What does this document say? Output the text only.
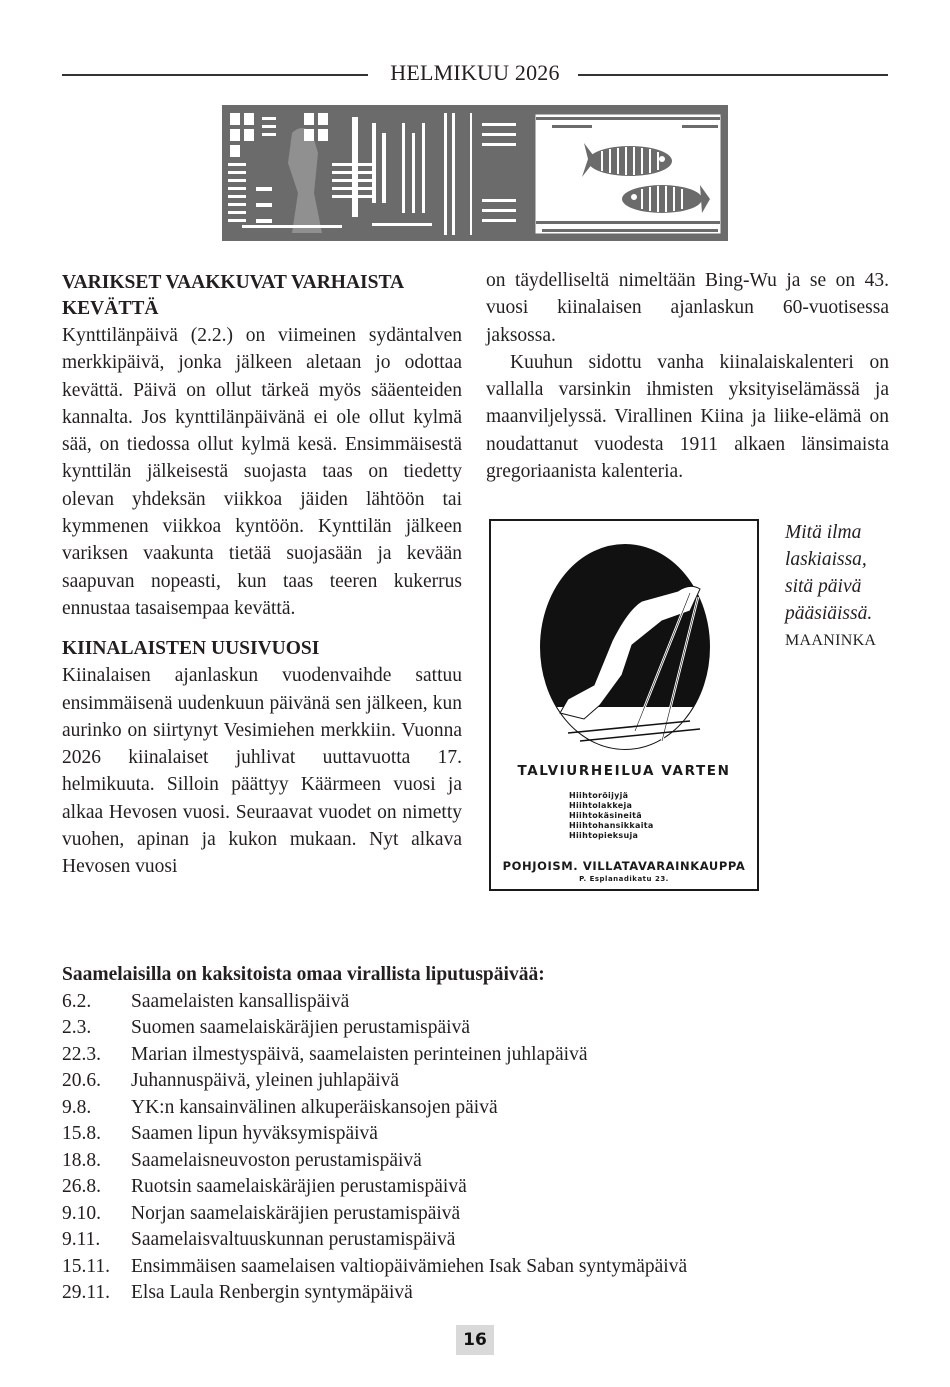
HELMIKUU 2026
VARIKSET VAAKKUVAT VARHAISTA KEVÄTTÄ

Kynttilänpäivä (2.2.) on viimeinen sydäntalven merkkipäivä, jonka jälkeen aletaan jo odottaa kevättä. Päivä on ollut tärkeä myös sääenteiden kannalta. Jos kynttilänpäivänä ei ole ollut kylmä sää, on tiedossa ollut kylmä kesä. Ensimmäisestä kynttilän jälkeisestä suojasta taas on tiedetty olevan yhdeksän viikkoa jäiden lähtöön tai kymmenen viikkoa kyntöön. Kynttilän jälkeen variksen vaakunta tietää suojasään ja kevään saapuvan nopeasti, kun taas teeren kukerrus ennustaa tasaisempaa kevättä.

KIINALAISTEN UUSIVUOSI

Kiinalaisen ajanlaskun vuodenvaihde sattuu ensimmäisenä uudenkuun päivänä sen jälkeen, kun aurinko on siirtynyt Vesimiehen merkkiin. Vuonna 2026 kiinalaiset juhlivat uuttavuotta 17. helmikuuta. Silloin päättyy Käärmeen vuosi ja alkaa Hevosen vuosi. Seuraavat vuodet on nimetty vuohen, apinan ja kukon mukaan. Nyt alkava Hevosen vuosi

on täydelliseltä nimeltään Bing-Wu ja se on 43. vuosi kiinalaisen ajanlaskun 60-vuotisessa jaksossa.

Kuuhun sidottu vanha kiinalaiskalenteri on vallalla varsinkin ihmisten yksityiselämässä ja maanviljelyssä. Virallinen Kiina ja liike-elämä on noudattanut vuodesta 1911 alkaen länsimaista gregoriaanista kalenteria.

TALVIURHEILUA VARTEN
Hiihtoröijyjä
Hiihtolakkeja
Hiihtokäsineitä
Hiihtohansikkaita
Hiihtopieksuja
POHJOISM. VILLATAVARAINKAUPPA
P. Esplanadikatu 23.
Mitä ilma
laskiaissa,
sitä päivä
pääsiäissä.
MAANINKA

Saamelaisilla on kaksitoista omaa virallista liputuspäivää:

6.2.	Saamelaisten kansallispäivä
2.3.	Suomen saamelaiskäräjien perustamispäivä
22.3.	Marian ilmestyspäivä, saamelaisten perinteinen juhlapäivä
20.6.	Juhannuspäivä, yleinen juhlapäivä
9.8.	YK:n kansainvälinen alkuperäiskansojen päivä
15.8.	Saamen lipun hyväksymispäivä
18.8.	Saamelaisneuvoston perustamispäivä
26.8.	Ruotsin saamelaiskäräjien perustamispäivä
9.10.	Norjan saamelaiskäräjien perustamispäivä
9.11.	Saamelaisvaltuuskunnan perustamispäivä
15.11.	Ensimmäisen saamelaisen valtiopäivämiehen Isak Saban syntymäpäivä
29.11.	Elsa Laula Renbergin syntymäpäivä
16
